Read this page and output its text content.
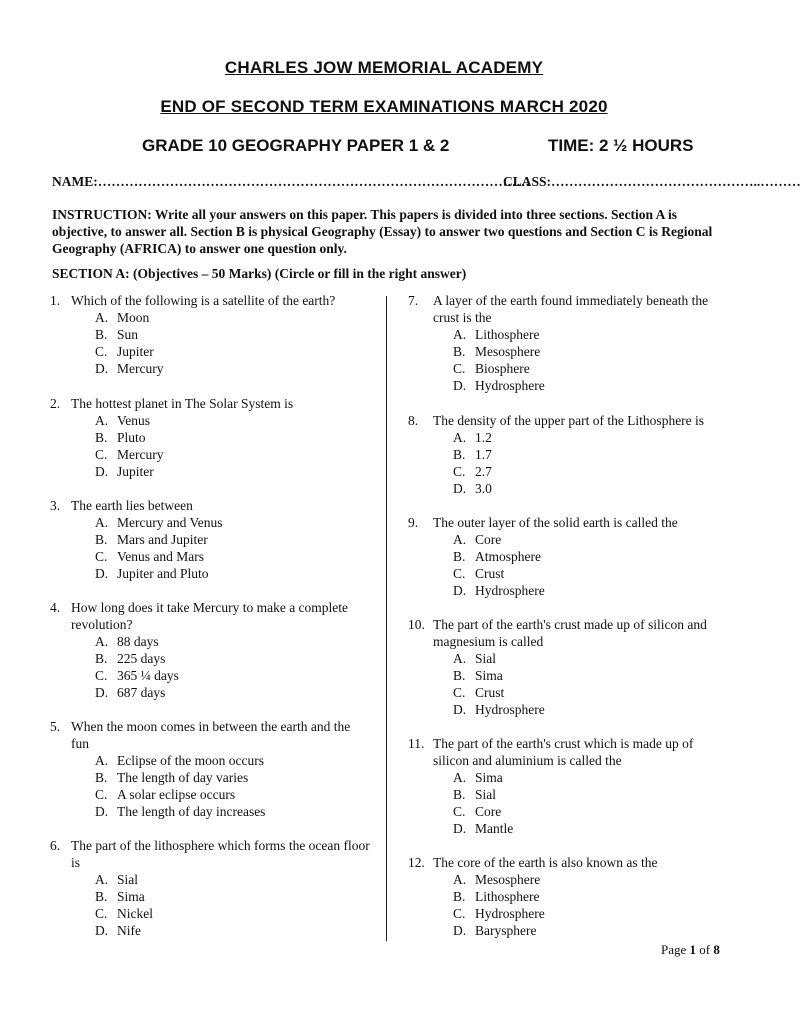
CHARLES JOW MEMORIAL ACADEMY
END OF SECOND TERM EXAMINATIONS MARCH 2020
GRADE 10 GEOGRAPHY PAPER 1 & 2	TIME: 2 ½ HOURS
NAME:……………………………………………………………………………………
CLASS:………………………………………..………
INSTRUCTION: Write all your answers on this paper. This papers is divided into three sections. Section A is objective, to answer all. Section B is physical Geography (Essay) to answer two questions and Section C is Regional Geography (AFRICA) to answer one question only.
SECTION A: (Objectives – 50 Marks) (Circle or fill in the right answer)
1. Which of the following is a satellite of the earth?
A. Moon
B. Sun
C. Jupiter
D. Mercury
2. The hottest planet in The Solar System is
A. Venus
B. Pluto
C. Mercury
D. Jupiter
3. The earth lies between
A. Mercury and Venus
B. Mars and Jupiter
C. Venus and Mars
D. Jupiter and Pluto
4. How long does it take Mercury to make a complete revolution?
A. 88 days
B. 225 days
C. 365 ¼ days
D. 687 days
5. When the moon comes in between the earth and the fun
A. Eclipse of the moon occurs
B. The length of day varies
C. A solar eclipse occurs
D. The length of day increases
6. The part of the lithosphere which forms the ocean floor is
A. Sial
B. Sima
C. Nickel
D. Nife
7. A layer of the earth found immediately beneath the crust is the
A. Lithosphere
B. Mesosphere
C. Biosphere
D. Hydrosphere
8. The density of the upper part of the Lithosphere is
A. 1.2
B. 1.7
C. 2.7
D. 3.0
9. The outer layer of the solid earth is called the
A. Core
B. Atmosphere
C. Crust
D. Hydrosphere
10. The part of the earth's crust made up of silicon and magnesium is called
A. Sial
B. Sima
C. Crust
D. Hydrosphere
11. The part of the earth's crust which is made up of silicon and aluminium is called the
A. Sima
B. Sial
C. Core
D. Mantle
12. The core of the earth is also known as the
A. Mesosphere
B. Lithosphere
C. Hydrosphere
D. Barysphere
Page 1 of 8
